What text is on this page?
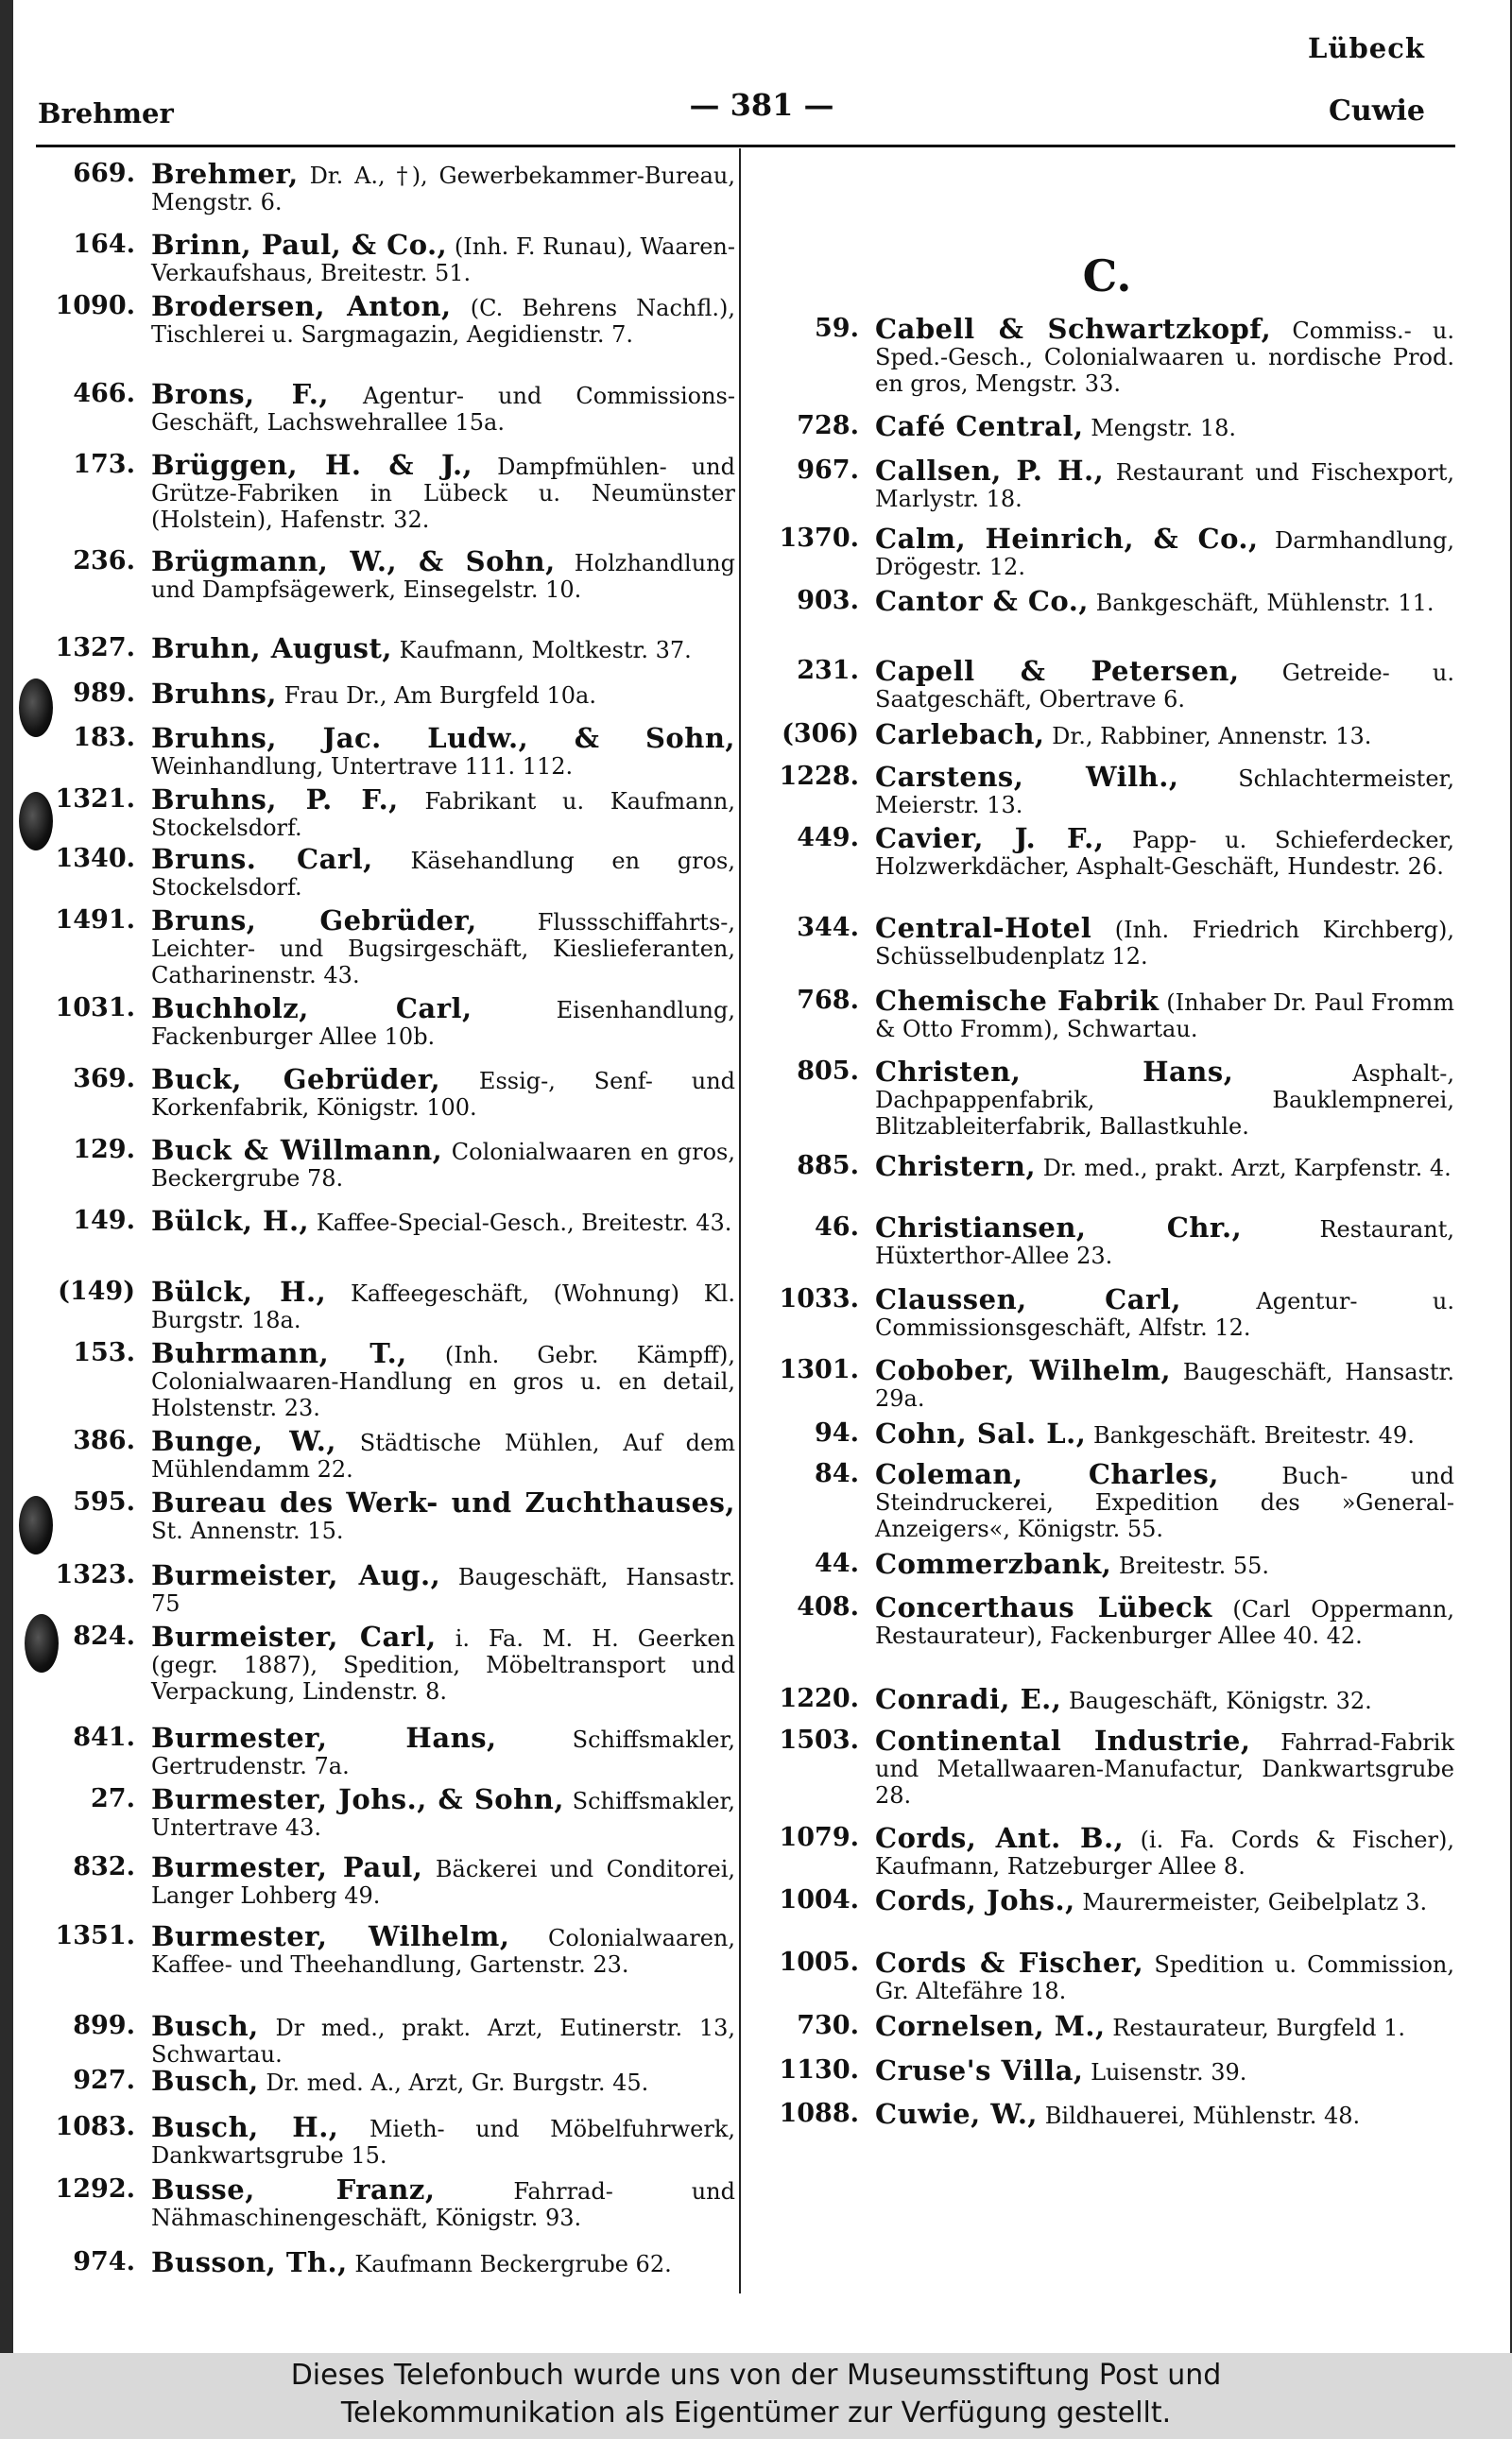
Lübeck
Brehmer	— 381 —	Cuwie
669. Brehmer, Dr. A., †), Gewerbekammer-Bureau, Mengstr. 6.
164. Brinn, Paul, & Co., (Inh. F. Runau), Waaren-Verkaufshaus, Breitestr. 51.
1090. Brodersen, Anton, (C. Behrens Nachfl.), Tischlerei u. Sargmagazin, Aegidienstr. 7.
466. Brons, F., Agentur- und Commissions-Geschäft, Lachswehrallee 15a.
173. Brüggen, H. & J., Dampfmühlen- und Grütze-Fabriken in Lübeck u. Neumünster (Holstein), Hafenstr. 32.
236. Brügmann, W., & Sohn, Holzhandlung und Dampfsägewerk, Einsegelstr. 10.
1327. Bruhn, August, Kaufmann, Moltkestr. 37.
989. Bruhns, Frau Dr., Am Burgfeld 10a.
183. Bruhns, Jac. Ludw., & Sohn, Weinhandlung, Untertrave 111. 112.
1321. Bruhns, P. F., Fabrikant u. Kaufmann, Stockelsdorf.
1340. Bruns. Carl, Käsehandlung en gros, Stockelsdorf.
1491. Bruns, Gebrüder,	Flussschiffahrts-, Leichter- und Bugsirgeschäft, Kieslieferanten, Catharinenstr. 43.
1031. Buchholz, Carl,	Eisenhandlung, Fackenburger Allee 10b.
369. Buck, Gebrüder, Essig-, Senf- und Korkenfabrik, Königstr. 100.
129. Buck & Willmann, Colonialwaaren en gros, Beckergrube 78.
149. Bülck, H., Kaffee-Special-Gesch., Breitestr. 43.
(149) Bülck, H., Kaffeegeschäft, (Wohnung) Kl. Burgstr. 18a.
153. Buhrmann, T., (Inh. Gebr. Kämpff), Colonialwaaren-Handlung en gros u. en detail, Holstenstr. 23.
386. Bunge, W., Städtische Mühlen, Auf dem Mühlendamm 22.
595. Bureau des Werk- und Zuchthauses, St. Annenstr. 15.
1323. Burmeister, Aug., Baugeschäft, Hansastr. 75
824. Burmeister, Carl, i. Fa. M. H. Geerken (gegr. 1887), Spedition, Möbeltransport und Verpackung, Lindenstr. 8.
841. Burmester, Hans,	Schiffsmakler, Gertrudenstr. 7a.
27. Burmester, Johs., & Sohn, Schiffsmakler, Untertrave 43.
832. Burmester, Paul, Bäckerei und Conditorei, Langer Lohberg 49.
1351. Burmester, Wilhelm, Colonialwaaren, Kaffee- und Theehandlung, Gartenstr. 23.
899. Busch, Dr med., prakt. Arzt, Eutinerstr. 13, Schwartau.
927. Busch, Dr. med. A., Arzt, Gr. Burgstr. 45.
1083. Busch, H., Mieth- und Möbelfuhrwerk, Dankwartsgrube 15.
1292. Busse, Franz,	Fahrrad- und Nähmaschinengeschäft, Königstr. 93.
974. Busson, Th., Kaufmann Beckergrube 62.
C.
59. Cabell & Schwartzkopf, Commiss.- u. Sped.-Gesch., Colonialwaaren u. nordische Prod. en gros, Mengstr. 33.
728. Café Central, Mengstr. 18.
967. Callsen, P. H., Restaurant und Fischexport, Marlystr. 18.
1370. Calm, Heinrich, & Co., Darmhandlung, Drögestr. 12.
903. Cantor & Co., Bankgeschäft, Mühlenstr. 11.
231. Capell & Petersen, Getreide- u. Saatgeschäft, Obertrave 6.
(306) Carlebach, Dr., Rabbiner, Annenstr. 13.
1228. Carstens, Wilh.,	Schlachtermeister, Meierstr. 13.
449. Cavier, J. F., Papp- u. Schieferdecker, Holzwerkdächer, Asphalt-Geschäft, Hundestr. 26.
344. Central-Hotel (Inh. Friedrich Kirchberg), Schüsselbudenplatz 12.
768. Chemische Fabrik (Inhaber Dr. Paul Fromm & Otto Fromm), Schwartau.
805. Christen, Hans,	Asphalt-, Dachpappenfabrik, Bauklempnerei, Blitzableiterfabrik, Ballastkuhle.
885. Christern, Dr. med., prakt. Arzt, Karpfenstr. 4.
46. Christiansen, Chr.,	Restaurant, Hüxterthor-Allee 23.
1033. Claussen, Carl,	Agentur- u. Commissionsgeschäft, Alfstr. 12.
1301. Cobober, Wilhelm, Baugeschäft, Hansastr. 29a.
94. Cohn, Sal. L., Bankgeschäft. Breitestr. 49.
84. Coleman, Charles,	Buch- und Steindruckerei, Expedition des »General-Anzeigers«, Königstr. 55.
44. Commerzbank, Breitestr. 55.
408. Concerthaus Lübeck (Carl Oppermann, Restaurateur), Fackenburger Allee 40. 42.
1220. Conradi, E., Baugeschäft, Königstr. 32.
1503. Continental Industrie, Fahrrad-Fabrik und Metallwaaren-Manufactur, Dankwartsgrube 28.
1079. Cords, Ant. B., (i. Fa. Cords & Fischer), Kaufmann, Ratzeburger Allee 8.
1004. Cords, Johs., Maurermeister, Geibelplatz 3.
1005. Cords & Fischer, Spedition u. Commission, Gr. Altefähre 18.
730. Cornelsen, M., Restaurateur, Burgfeld 1.
1130. Cruse's Villa, Luisenstr. 39.
1088. Cuwie, W., Bildhauerei, Mühlenstr. 48.
Dieses Telefonbuch wurde uns von der Museumsstiftung Post und
Telekommunikation als Eigentümer zur Verfügung gestellt.
